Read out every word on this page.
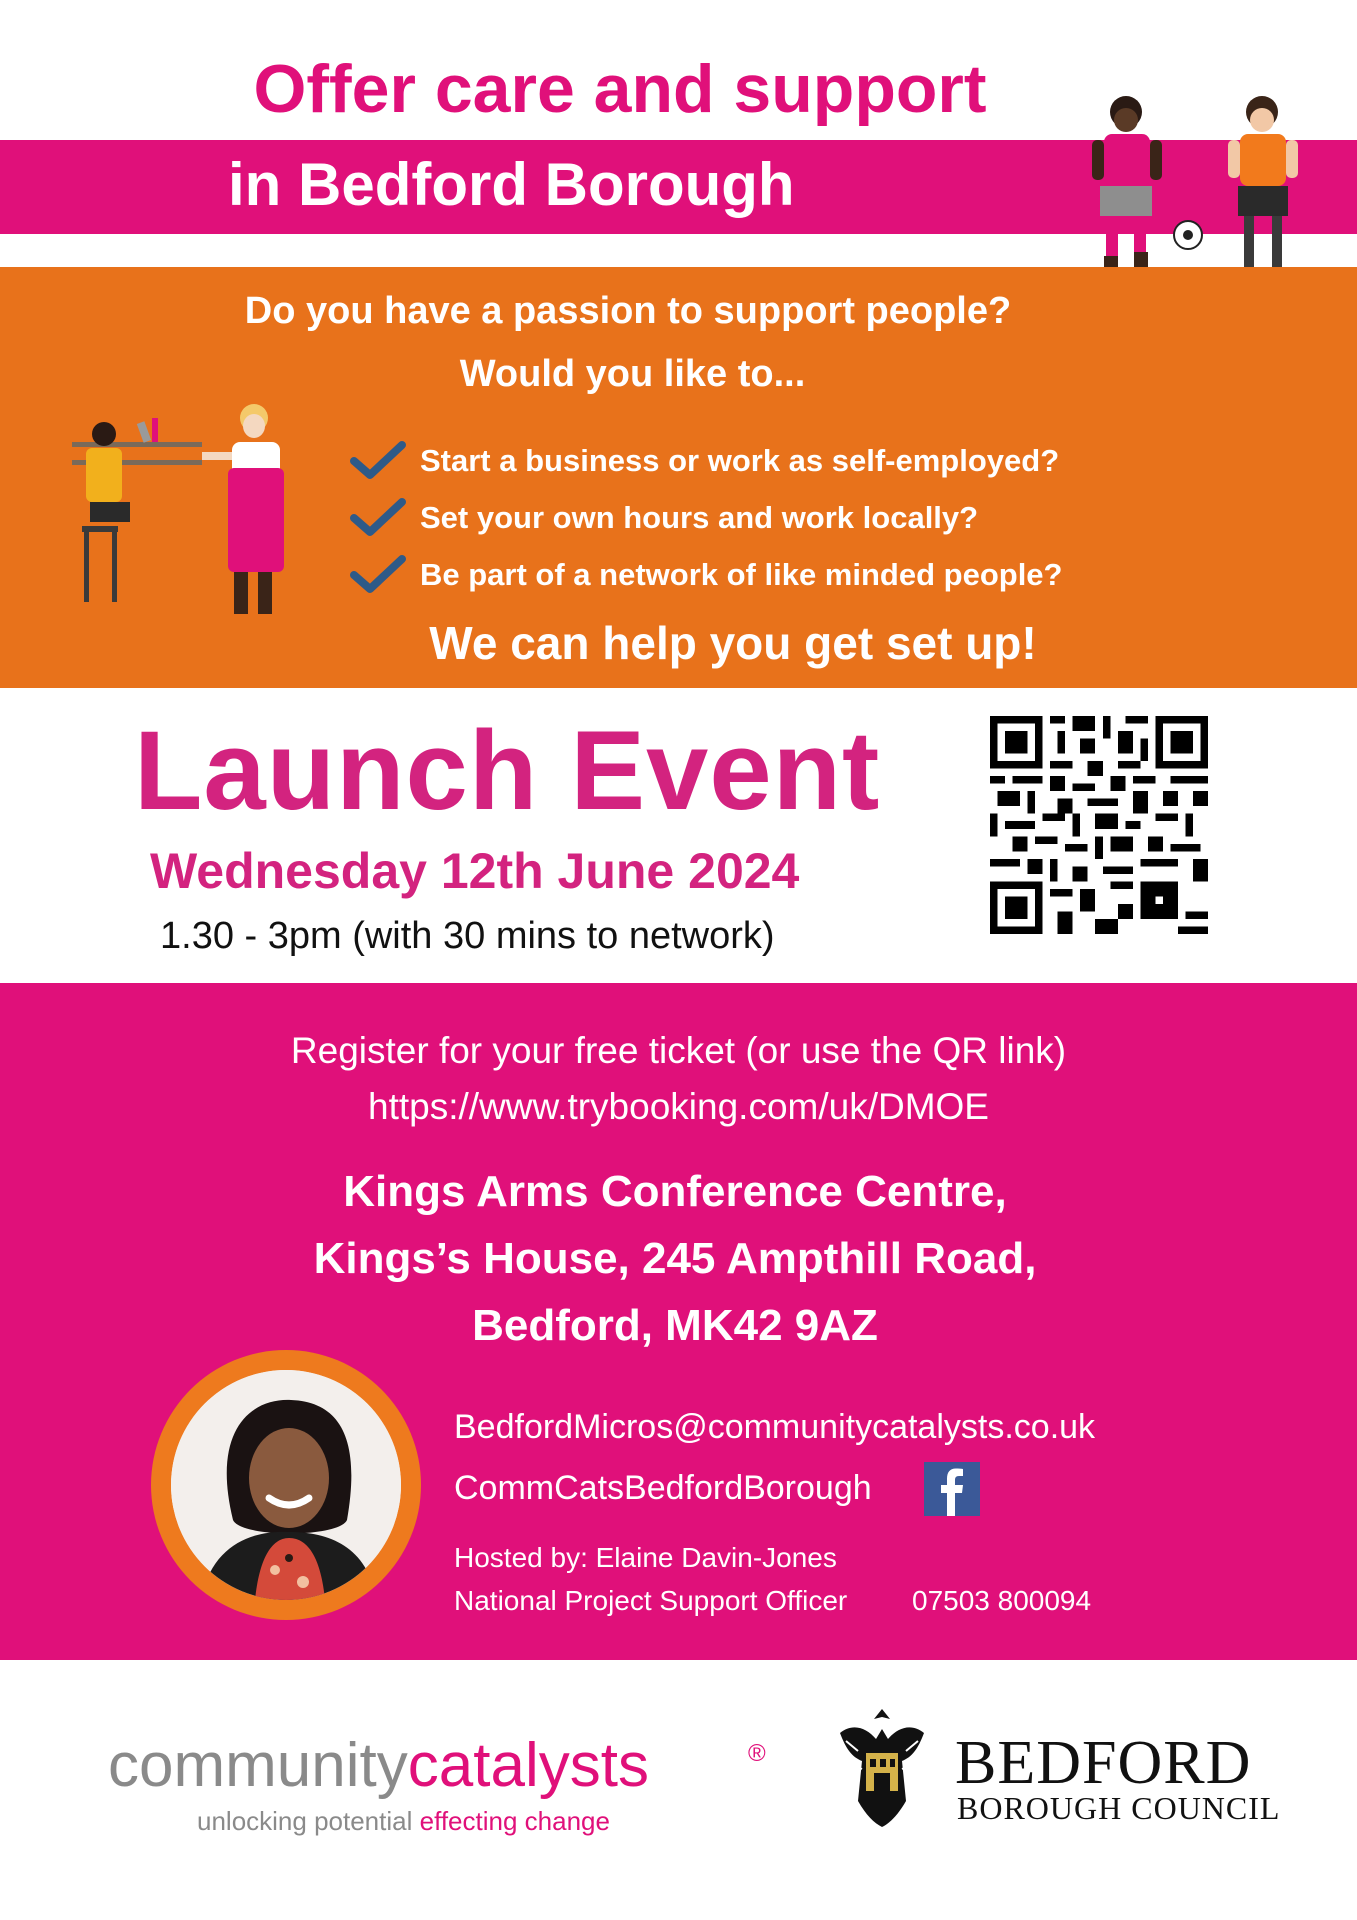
Offer care and support
in Bedford Borough
Do you have a passion to support people?
Would you like to...
Start a business or work as self-employed?
Set your own hours and work locally?
Be part of a network of like minded people?
We can help you get set up!
Launch Event
Wednesday 12th June 2024
1.30 - 3pm (with 30 mins to network)
Register for your free ticket (or use the QR link)
https://www.trybooking.com/uk/DMOE
Kings Arms Conference Centre,
Kings’s House, 245 Ampthill Road,
Bedford, MK42 9AZ
BedfordMicros@communitycatalysts.co.uk
CommCatsBedfordBorough
Hosted by: Elaine Davin-Jones
National Project Support Officer 07503 800094
communitycatalysts	®
unlocking potential effecting change
BEDFORD
BOROUGH COUNCIL
